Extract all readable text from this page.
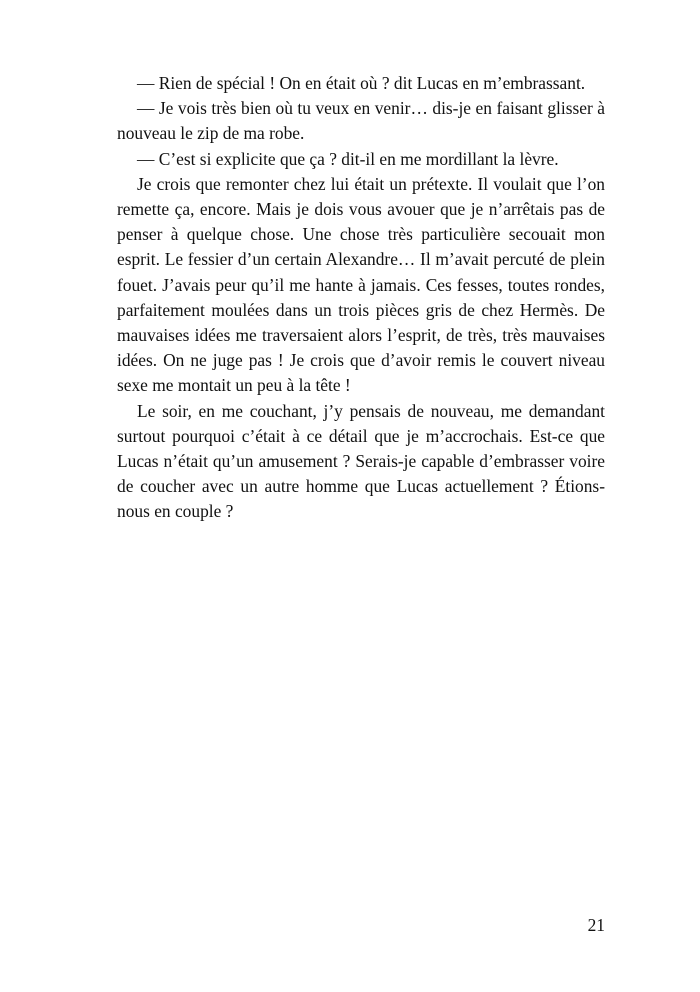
— Rien de spécial ! On en était où ? dit Lucas en m’embrassant.

— Je vois très bien où tu veux en venir… dis-je en faisant glisser à nouveau le zip de ma robe.

— C’est si explicite que ça ? dit-il en me mordillant la lèvre.

Je crois que remonter chez lui était un prétexte. Il voulait que l’on remette ça, encore. Mais je dois vous avouer que je n’arrêtais pas de penser à quelque chose. Une chose très particulière secouait mon esprit. Le fessier d’un certain Alexandre… Il m’avait percuté de plein fouet. J’avais peur qu’il me hante à jamais. Ces fesses, toutes rondes, parfaitement moulées dans un trois pièces gris de chez Hermès. De mauvaises idées me traversaient alors l’esprit, de très, très mauvaises idées. On ne juge pas ! Je crois que d’avoir remis le couvert niveau sexe me montait un peu à la tête !

Le soir, en me couchant, j’y pensais de nouveau, me demandant surtout pourquoi c’était à ce détail que je m’accrochais. Est-ce que Lucas n’était qu’un amusement ? Serais-je capable d’embrasser voire de coucher avec un autre homme que Lucas actuellement ? Étions-nous en couple ?

21
